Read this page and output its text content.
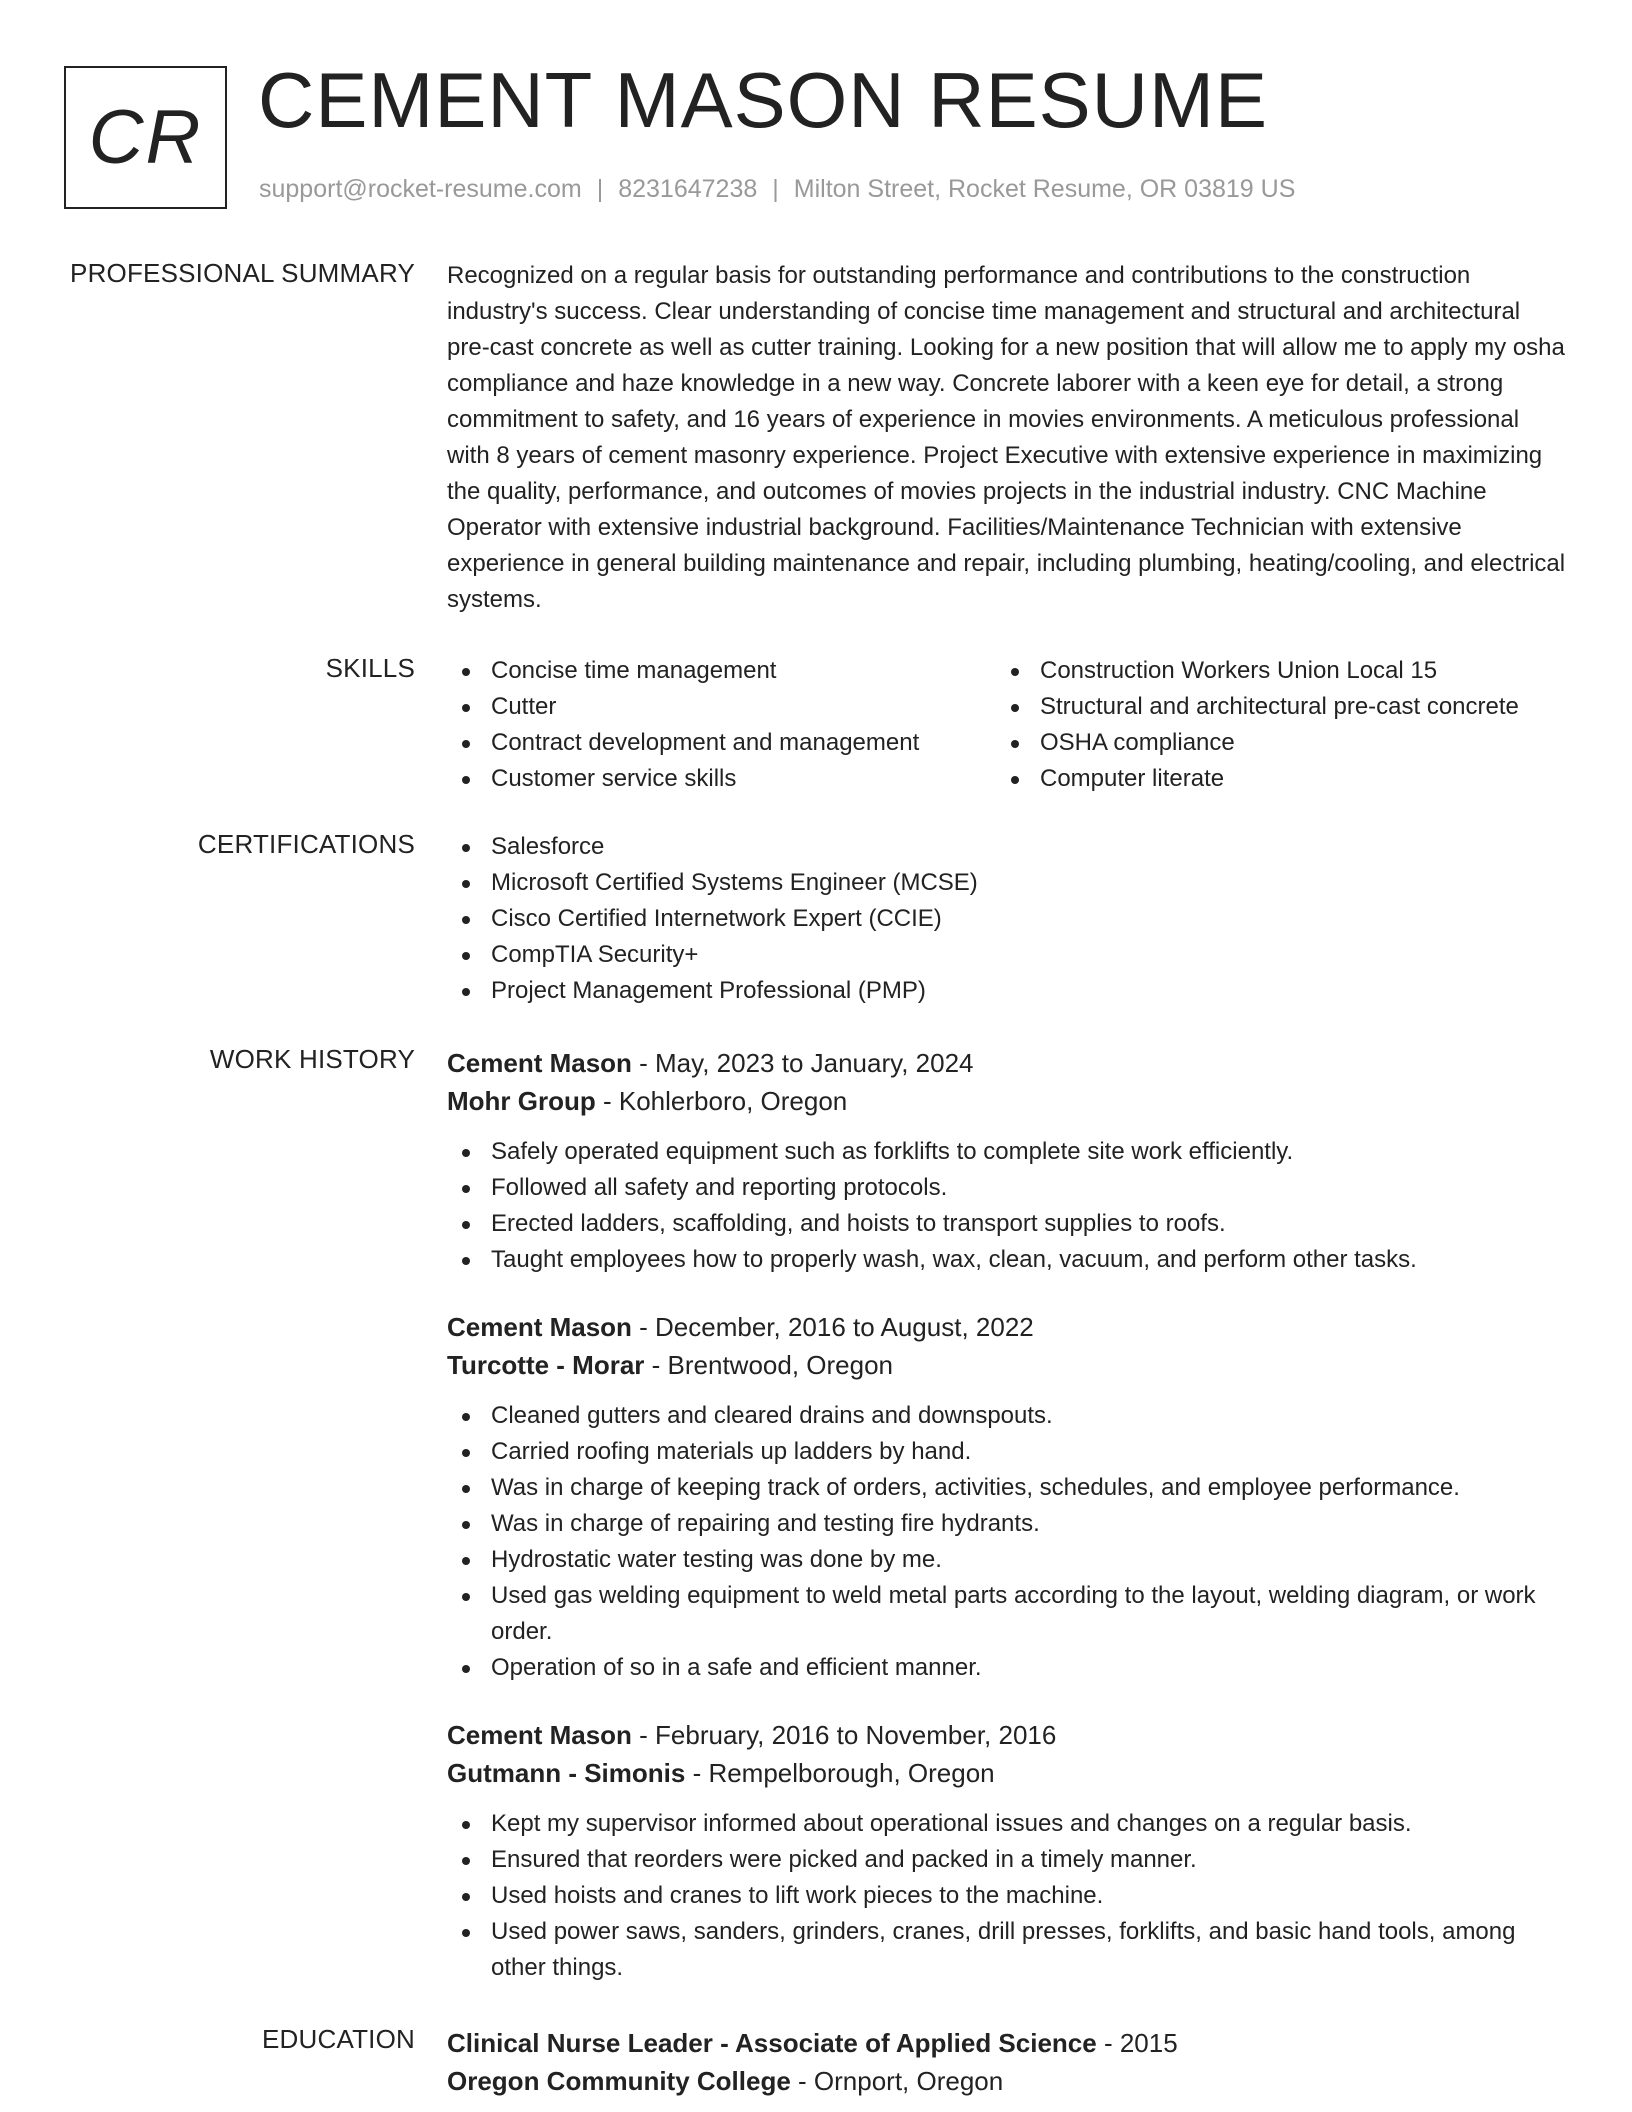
CR CEMENT MASON RESUME
support@rocket-resume.com | 8231647238 | Milton Street, Rocket Resume, OR 03819 US
PROFESSIONAL SUMMARY Recognized on a regular basis for outstanding performance and contributions to the construction industry's success. Clear understanding of concise time management and structural and architectural pre-cast concrete as well as cutter training. Looking for a new position that will allow me to apply my osha compliance and haze knowledge in a new way. Concrete laborer with a keen eye for detail, a strong commitment to safety, and 16 years of experience in movies environments. A meticulous professional with 8 years of cement masonry experience. Project Executive with extensive experience in maximizing the quality, performance, and outcomes of movies projects in the industrial industry. CNC Machine Operator with extensive industrial background. Facilities/Maintenance Technician with extensive experience in general building maintenance and repair, including plumbing, heating/cooling, and electrical systems.

SKILLS	Concise time management
Cutter
Contract development and management
Customer service skills
Construction Workers Union Local 15
Structural and architectural pre-cast concrete
OSHA compliance
Computer literate
CERTIFICATIONS	Salesforce
Microsoft Certified Systems Engineer (MCSE)
Cisco Certified Internetwork Expert (CCIE)
CompTIA Security+
Project Management Professional (PMP)
WORK HISTORY Cement Mason - May, 2023 to January, 2024
Mohr Group - Kohlerboro, Oregon
Safely operated equipment such as forklifts to complete site work efficiently.
Followed all safety and reporting protocols.
Erected ladders, scaffolding, and hoists to transport supplies to roofs.
Taught employees how to properly wash, wax, clean, vacuum, and perform other tasks.
Cement Mason - December, 2016 to August, 2022
Turcotte - Morar - Brentwood, Oregon
Cleaned gutters and cleared drains and downspouts.
Carried roofing materials up ladders by hand.
Was in charge of keeping track of orders, activities, schedules, and employee performance.
Was in charge of repairing and testing fire hydrants.
Hydrostatic water testing was done by me.
Used gas welding equipment to weld metal parts according to the layout, welding diagram, or work order.
Operation of so in a safe and efficient manner.
Cement Mason - February, 2016 to November, 2016
Gutmann - Simonis - Rempelborough, Oregon
Kept my supervisor informed about operational issues and changes on a regular basis.
Ensured that reorders were picked and packed in a timely manner.
Used hoists and cranes to lift work pieces to the machine.
Used power saws, sanders, grinders, cranes, drill presses, forklifts, and basic hand tools, among other things.
EDUCATION Clinical Nurse Leader - Associate of Applied Science - 2015
Oregon Community College - Ornport, Oregon
